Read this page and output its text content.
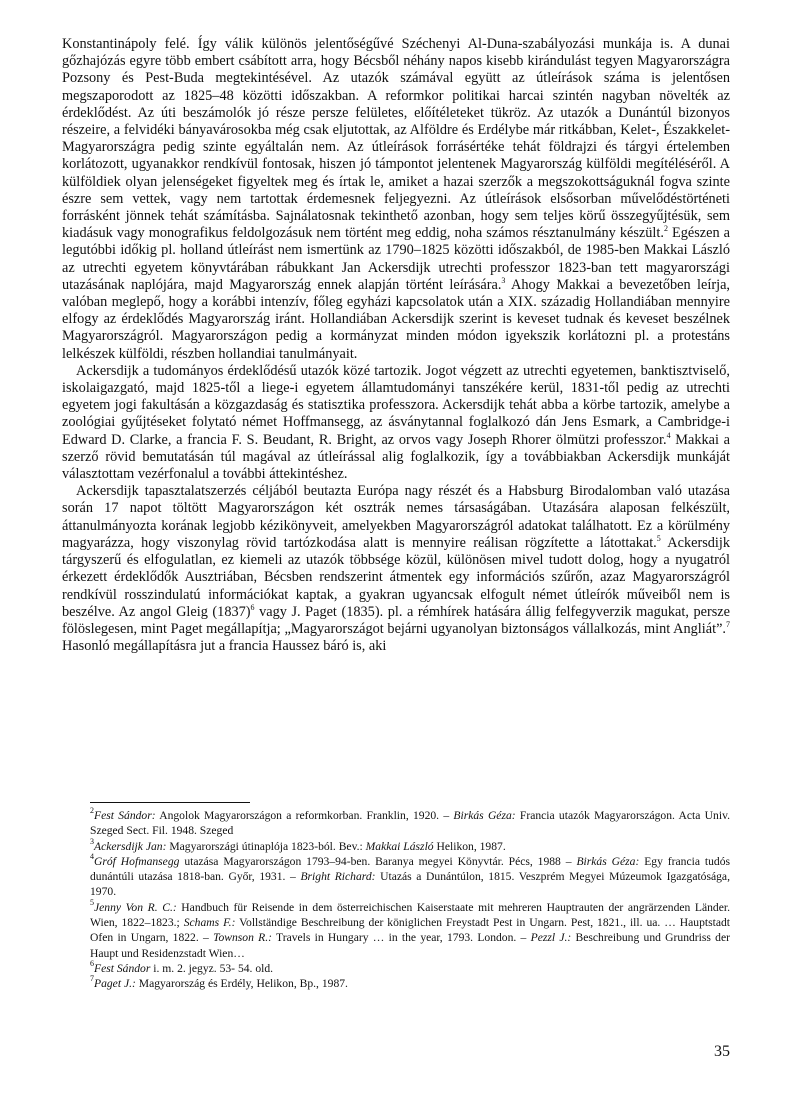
Konstantinápoly felé. Így válik különös jelentőségűvé Széchenyi Al-Duna-szabályozási munkája is. A dunai gőzhajózás egyre több embert csábított arra, hogy Bécsből néhány napos kisebb kirándulást tegyen Magyarországra Pozsony és Pest-Buda megtekintésével. Az utazók számával együtt az útleírások száma is jelentősen megszaporodott az 1825–48 közötti időszakban. A reformkor politikai harcai szintén nagyban növelték az érdeklődést. Az úti beszámolók jó része persze felületes, előítéleteket tükröz. Az utazók a Dunántúl bizonyos részeire, a felvidéki bányavárosokba még csak eljutottak, az Alföldre és Erdélybe már ritkábban, Kelet-, Északkelet-Magyarországra pedig szinte egyáltalán nem. Az útleírások forrásértéke tehát földrajzi és tárgyi értelemben korlátozott, ugyanakkor rendkívül fontosak, hiszen jó támpontot jelentenek Magyarország külföldi megítéléséről. A külföldiek olyan jelenségeket figyeltek meg és írtak le, amiket a hazai szerzők a megszokottságuknál fogva szinte észre sem vettek, vagy nem tartottak érdemesnek feljegyezni. Az útleírások elsősorban művelődéstörténeti forrásként jönnek tehát számításba. Sajnálatosnak tekinthető azonban, hogy sem teljes körű összegyűjtésük, sem kiadásuk vagy monografikus feldolgozásuk nem történt meg eddig, noha számos résztanulmány készült.$^2$ Egészen a legutóbbi időkig pl. holland útleírást nem ismertünk az 1790–1825 közötti időszakból, de 1985-ben Makkai László az utrechti egyetem könyvtárában rábukkant Jan Ackersdijk utrechti professzor 1823-ban tett magyarországi utazásának naplójára, majd Magyarország ennek alapján történt leírására.$^3$ Ahogy Makkai a bevezetőben leírja, valóban meglepő, hogy a korábbi intenzív, főleg egyházi kapcsolatok után a XIX. századig Hollandiában mennyire elfogy az érdeklődés Magyarország iránt. Hollandiában Ackersdijk szerint is keveset tudnak és keveset beszélnek Magyarországról. Magyarországon pedig a kormányzat minden módon igyekszik korlátozni pl. a protestáns lelkészek külföldi, részben hollandiai tanulmányait.

Ackersdijk a tudományos érdeklődésű utazók közé tartozik. Jogot végzett az utrechti egyetemen, banktisztviselő, iskolaigazgató, majd 1825-től a liege-i egyetem államtudományi tanszékére kerül, 1831-től pedig az utrechti egyetem jogi fakultásán a közgazdaság és statisztika professzora. Ackersdijk tehát abba a körbe tartozik, amelybe a zoológiai gyűjtéseket folytató német Hoffmansegg, az ásványtannal foglalkozó dán Jens Esmark, a Cambridge-i Edward D. Clarke, a francia F. S. Beudant, R. Bright, az orvos vagy Joseph Rhorer ölmützi professzor.$^4$ Makkai a szerző rövid bemutatásán túl magával az útleírással alig foglalkozik, így a továbbiakban Ackersdijk munkáját választottam vezérfonalul a további áttekintéshez.

Ackersdijk tapasztalatszerzés céljából beutazta Európa nagy részét és a Habsburg Birodalomban való utazása során 17 napot töltött Magyarországon két osztrák nemes társaságában. Utazására alaposan felkészült, áttanulmányozta korának legjobb kézikönyveit, amelyekben Magyarországról adatokat találhatott. Ez a körülmény magyarázza, hogy viszonylag rövid tartózkodása alatt is mennyire reálisan rögzítette a látottakat.$^5$ Ackersdijk tárgyszerű és elfogulatlan, ez kiemeli az utazók többsége közül, különösen mivel tudott dolog, hogy a nyugatról érkezett érdeklődők Ausztriában, Bécsben rendszerint átmentek egy információs szűrőn, azaz Magyarországról rendkívül rosszindulatú információkat kaptak, a gyakran ugyancsak elfogult német útleírók műveiből nem is beszélve. Az angol Gleig $(1837)^6$ vagy J. Paget (1835). pl. a rémhírek hatására állig felfegyverzik magukat, persze fölöslegesen, mint Paget megállapítja; „Magyarországot bejárni ugyanolyan biztonságos vállalkozás, mint Angliát”.$^7$ Hasonló megállapításra jut a francia Haussez báró is, aki

$^2$Fest Sándor: Angolok Magyarországon a reformkorban. Franklin, 1920. – Birkás Géza: Francia utazók Magyarországon. Acta Univ. Szeged Sect. Fil. 1948. Szeged
$^3$Ackersdijk Jan: Magyarországi útinaplója 1823-ból. Bev.: Makkai László Helikon, 1987.
$^4$Gróf Hofmansegg utazása Magyarországon 1793–94-ben. Baranya megyei Könyvtár. Pécs, 1988 – Birkás Géza: Egy francia tudós dunántúli utazása 1818-ban. Győr, 1931. – Bright Richard: Utazás a Dunántúlon, 1815. Veszprém Megyei Múzeumok Igazgatósága, 1970.
$^5$Jenny Von R. C.: Handbuch für Reisende in dem österreichischen Kaiserstaate mit mehreren Hauptrauten der angrärzenden Länder. Wien, 1822–1823.; Schams F.: Vollständige Beschreibung der königlichen Freystadt Pest in Ungarn. Pest, 1821., ill. ua. … Hauptstadt Ofen in Ungarn, 1822. – Townson R.: Travels in Hungary … in the year, 1793. London. – Pezzl J.: Beschreibung und Grundriss der Haupt und Residenzstadt Wien…
$^6$Fest Sándor i. m. 2. jegyz. 53- 54. old.
$^7$Paget J.: Magyarország és Erdély, Helikon, Bp., 1987.
35
